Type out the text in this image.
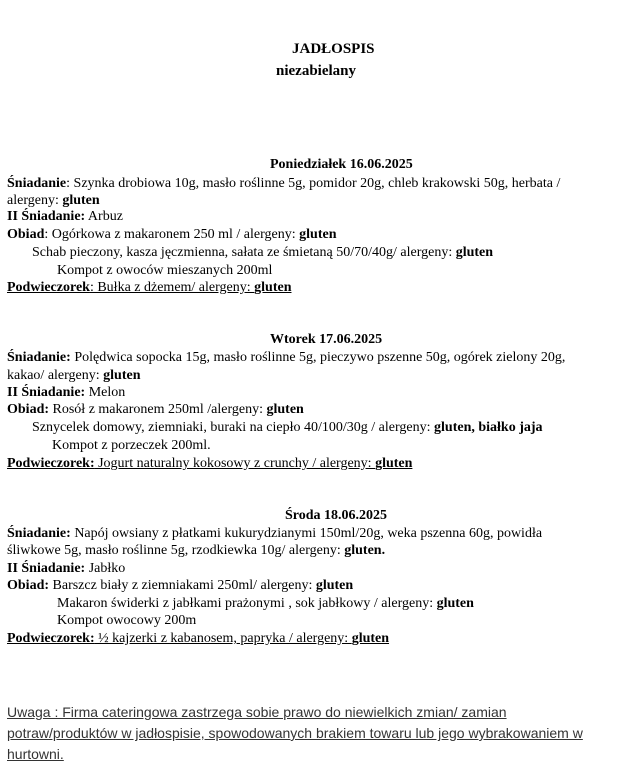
JADŁOSPIS
niezabielany
Poniedziałek 16.06.2025
Śniadanie: Szynka drobiowa 10g, masło roślinne 5g, pomidor 20g, chleb krakowski 50g, herbata /
alergeny: gluten
II Śniadanie: Arbuz
Obiad: Ogórkowa z makaronem 250 ml / alergeny: gluten
Schab pieczony, kasza jęczmienna, sałata ze śmietaną 50/70/40g/ alergeny: gluten
Kompot z owoców mieszanych 200ml
Podwieczorek: Bułka z dżemem/ alergeny: gluten
Wtorek 17.06.2025
Śniadanie: Polędwica sopocka 15g, masło roślinne 5g, pieczywo pszenne 50g, ogórek zielony 20g,
kakao/ alergeny: gluten
II Śniadanie: Melon
Obiad: Rosół z makaronem 250ml /alergeny: gluten
Sznycelek domowy, ziemniaki, buraki na ciepło 40/100/30g / alergeny: gluten, białko jaja
Kompot z porzeczek 200ml.
Podwieczorek: Jogurt naturalny kokosowy z crunchy / alergeny: gluten
Środa 18.06.2025
Śniadanie: Napój owsiany z płatkami kukurydzianymi 150ml/20g, weka pszenna 60g, powidła
śliwkowe 5g, masło roślinne 5g, rzodkiewka 10g/ alergeny: gluten.
II Śniadanie: Jabłko
Obiad: Barszcz biały z ziemniakami 250ml/ alergeny: gluten
Makaron świderki z jabłkami prażonymi , sok jabłkowy / alergeny: gluten
Kompot owocowy 200m
Podwieczorek: ½ kajzerki z kabanosem, papryka / alergeny: gluten
Uwaga : Firma cateringowa zastrzega sobie prawo do niewielkich zmian/ zamian
potraw/produktów w jadłospisie, spowodowanych brakiem towaru lub jego wybrakowaniem w
hurtowni.
